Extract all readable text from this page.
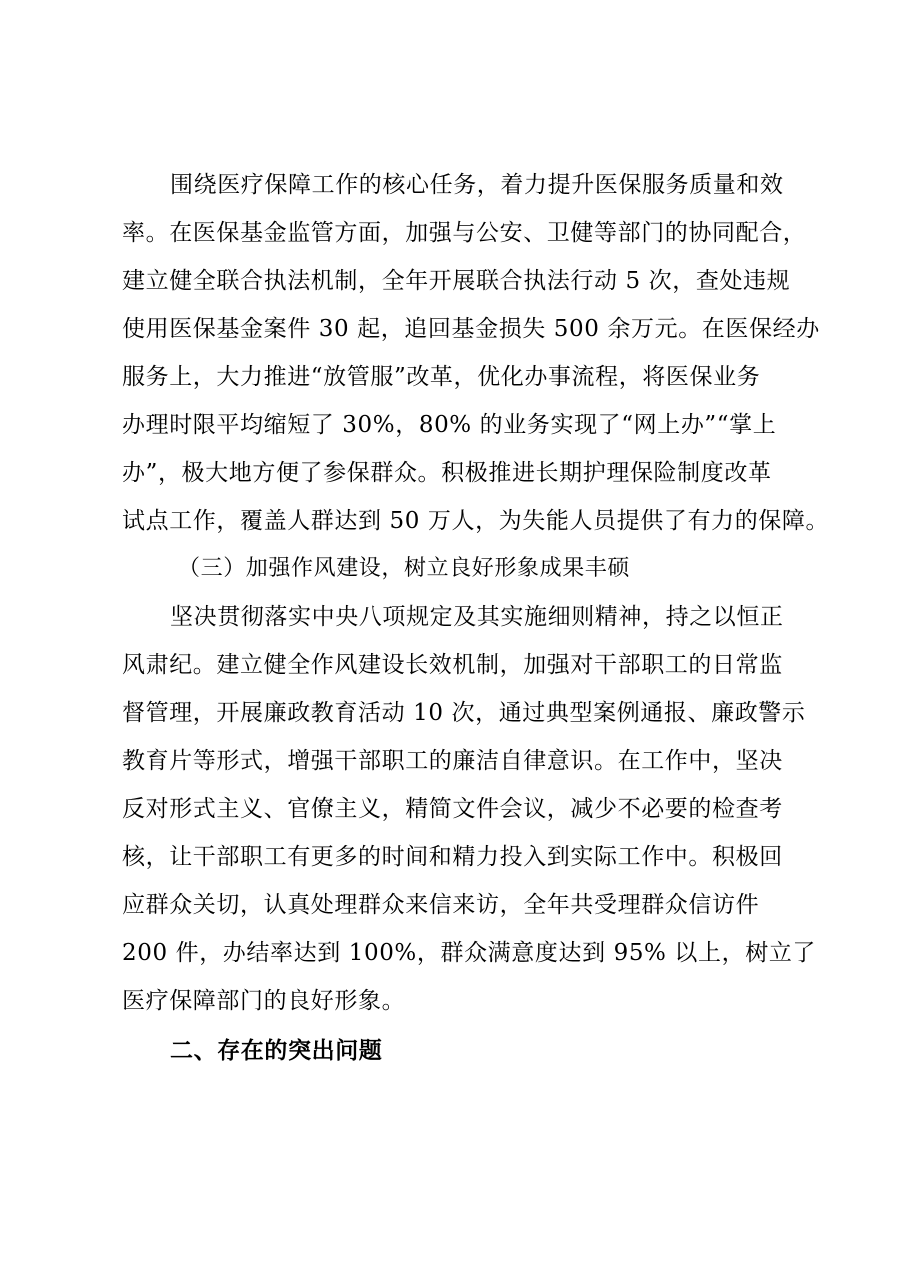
围绕医疗保障工作的核心任务，着力提升医保服务质量和效
率。在医保基金监管方面，加强与公安、卫健等部门的协同配合，
建立健全联合执法机制，全年开展联合执法行动 5 次，查处违规
使用医保基金案件 30 起，追回基金损失 500 余万元。在医保经办
服务上，大力推进“放管服”改革，优化办事流程，将医保业务
办理时限平均缩短了 30%，80% 的业务实现了“网上办”“掌上
办”，极大地方便了参保群众。积极推进长期护理保险制度改革
试点工作，覆盖人群达到 50 万人，为失能人员提供了有力的保障。
（三）加强作风建设，树立良好形象成果丰硕
坚决贯彻落实中央八项规定及其实施细则精神，持之以恒正
风肃纪。建立健全作风建设长效机制，加强对干部职工的日常监
督管理，开展廉政教育活动 10 次，通过典型案例通报、廉政警示
教育片等形式，增强干部职工的廉洁自律意识。在工作中，坚决
反对形式主义、官僚主义，精简文件会议，减少不必要的检查考
核，让干部职工有更多的时间和精力投入到实际工作中。积极回
应群众关切，认真处理群众来信来访，全年共受理群众信访件
200 件，办结率达到 100%，群众满意度达到 95% 以上，树立了
医疗保障部门的良好形象。
二、存在的突出问题
